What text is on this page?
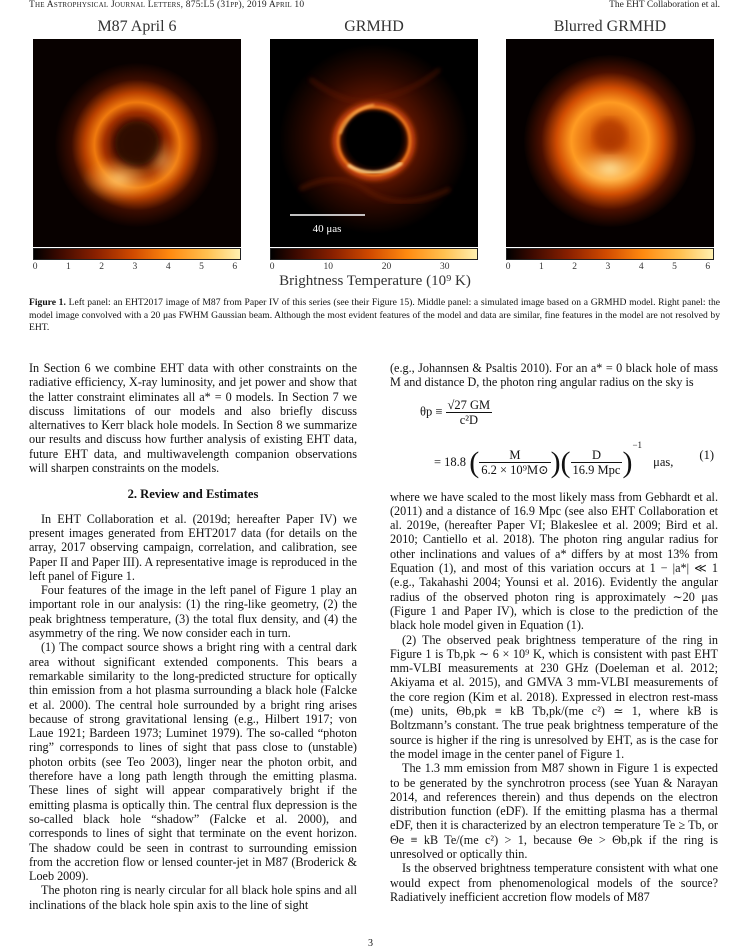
The Astrophysical Journal Letters, 875:L5 (31pp), 2019 April 10	The EHT Collaboration et al.
M87 April 6	GRMHD	Blurred GRMHD
40 μas
0	1	2	3	4	5	6	0	10	20	30	0	1	2	3	4	5	6
Brightness Temperature (10⁹ K)
Figure 1. Left panel: an EHT2017 image of M87 from Paper IV of this series (see their Figure 15). Middle panel: a simulated image based on a GRMHD model. Right panel: the model image convolved with a 20 μas FWHM Gaussian beam. Although the most evident features of the model and data are similar, fine features in the model are not resolved by EHT.

In Section 6 we combine EHT data with other constraints on the radiative efficiency, X-ray luminosity, and jet power and show that the latter constraint eliminates all a* = 0 models. In Section 7 we discuss limitations of our models and also briefly discuss alternatives to Kerr black hole models. In Section 8 we summarize our results and discuss how further analysis of existing EHT data, future EHT data, and multiwavelength companion observations will sharpen constraints on the models.

2. Review and Estimates

In EHT Collaboration et al. (2019d; hereafter Paper IV) we present images generated from EHT2017 data (for details on the array, 2017 observing campaign, correlation, and calibration, see Paper II and Paper III). A representative image is reproduced in the left panel of Figure 1.

Four features of the image in the left panel of Figure 1 play an important role in our analysis: (1) the ring-like geometry, (2) the peak brightness temperature, (3) the total flux density, and (4) the asymmetry of the ring. We now consider each in turn.

(1) The compact source shows a bright ring with a central dark area without significant extended components. This bears a remarkable similarity to the long-predicted structure for optically thin emission from a hot plasma surrounding a black hole (Falcke et al. 2000). The central hole surrounded by a bright ring arises because of strong gravitational lensing (e.g., Hilbert 1917; von Laue 1921; Bardeen 1973; Luminet 1979). The so-called “photon ring” corresponds to lines of sight that pass close to (unstable) photon orbits (see Teo 2003), linger near the photon orbit, and therefore have a long path length through the emitting plasma. These lines of sight will appear comparatively bright if the emitting plasma is optically thin. The central flux depression is the so-called black hole “shadow” (Falcke et al. 2000), and corresponds to lines of sight that terminate on the event horizon. The shadow could be seen in contrast to surrounding emission from the accretion flow or lensed counter-jet in M87 (Broderick & Loeb 2009).

The photon ring is nearly circular for all black hole spins and all inclinations of the black hole spin axis to the line of sight

(e.g., Johannsen & Psaltis 2010). For an a* = 0 black hole of mass M and distance D, the photon ring angular radius on the sky is

$\theta p \equiv \frac{√27 GM}{\text{c²D}}$
= 18.8 ( $\frac{M}{\text{6.2 × 10⁹M⊙}}$ )( $\frac{D}{\text{16.9 Mpc}} )^{-1}$ μas, (1)

where we have scaled to the most likely mass from Gebhardt et al. (2011) and a distance of 16.9 Mpc (see also EHT Collaboration et al. 2019e, (hereafter Paper VI; Blakeslee et al. 2009; Bird et al. 2010; Cantiello et al. 2018). The photon ring angular radius for other inclinations and values of a* differs by at most 13% from Equation (1), and most of this variation occurs at 1 − |a*| ≪ 1 (e.g., Takahashi 2004; Younsi et al. 2016). Evidently the angular radius of the observed photon ring is approximately ∼20 μas (Figure 1 and Paper IV), which is close to the prediction of the black hole model given in Equation (1).

(2) The observed peak brightness temperature of the ring in Figure 1 is Tb,pk ∼ 6 × 10⁹ K, which is consistent with past EHT mm-VLBI measurements at 230 GHz (Doeleman et al. 2012; Akiyama et al. 2015), and GMVA 3 mm-VLBI measurements of the core region (Kim et al. 2018). Expressed in electron rest-mass (me) units, Θb,pk ≡ kB Tb,pk/(me c²) ≃ 1, where kB is Boltzmann’s constant. The true peak brightness temperature of the source is higher if the ring is unresolved by EHT, as is the case for the model image in the center panel of Figure 1.

The 1.3 mm emission from M87 shown in Figure 1 is expected to be generated by the synchrotron process (see Yuan & Narayan 2014, and references therein) and thus depends on the electron distribution function (eDF). If the emitting plasma has a thermal eDF, then it is characterized by an electron temperature Te ≥ Tb, or Θe ≡ kB Te/(me c²) > 1, because Θe > Θb,pk if the ring is unresolved or optically thin.

Is the observed brightness temperature consistent with what one would expect from phenomenological models of the source? Radiatively inefficient accretion flow models of M87

3
